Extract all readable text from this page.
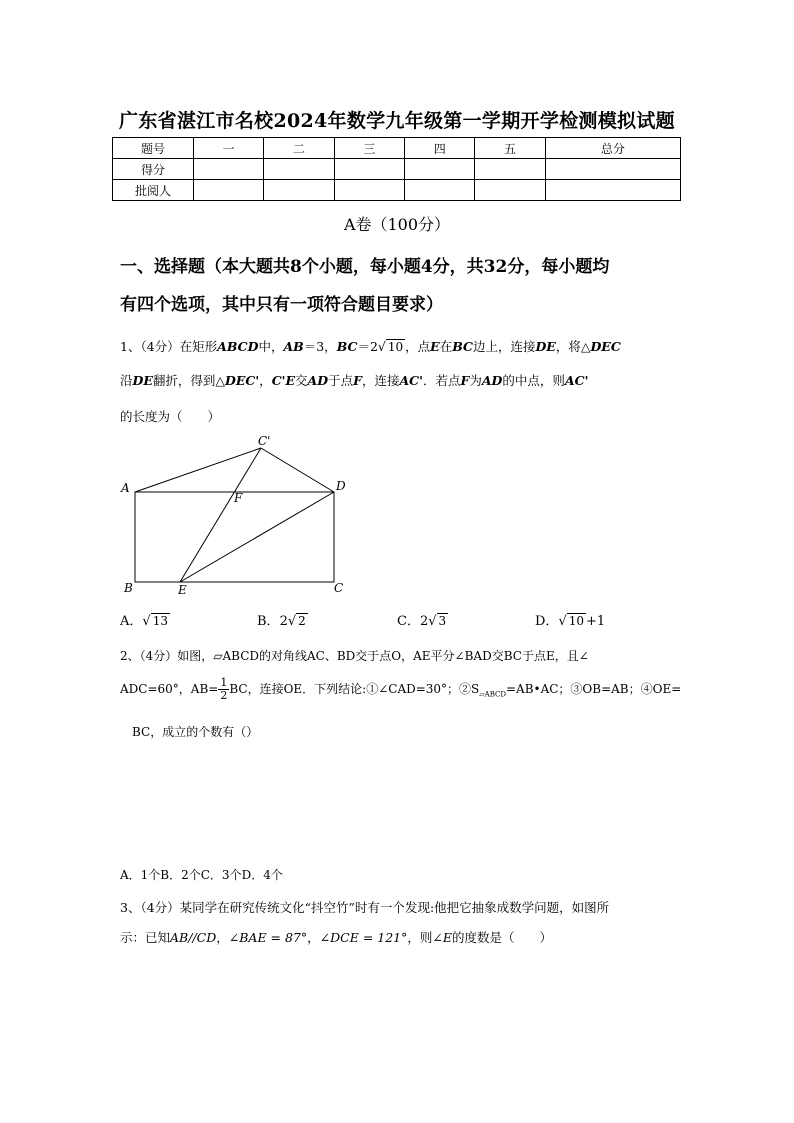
广东省湛江市名校2024年数学九年级第一学期开学检测模拟试题
题号	一	二	三	四	五	总分
得分						
批阅人						
A卷（100分）
一、选择题（本大题共8个小题，每小题4分，共32分，每小题均
有四个选项，其中只有一项符合题目要求）
1、（4分）在矩形ABCD中，AB＝3，BC＝2√ 10 ，点E在BC边上，连接DE，将△DEC
沿DE翻折，得到△DEC'，C'E交AD于点F，连接AC'．若点F为AD的中点，则AC'
的长度为（　　）
A
B	C
D
E
F
C'
A．√ 13	B．2√ 2	C．2√ 3	D．√ 10 +1
2、（4分）如图，▱ABCD的对角线AC、BD交于点O，AE平分∠BAD交BC于点E，且∠
ADC=60°，$AB= \frac{1}{2}$ BC，连接OE．下列结论:①∠CAD=30°；$②S_{▱ABCD}=AB•AC$；③OB=AB；④OE=
BC，成立的个数有（）
A．1个B．2个C．3个D．4个
3、（4分）某同学在研究传统文化“抖空竹”时有一个发现:他把它抽象成数学问题，如图所
示：已知AB//CD，∠BAE = 87°，∠DCE = 121°，则∠E的度数是（　　）
